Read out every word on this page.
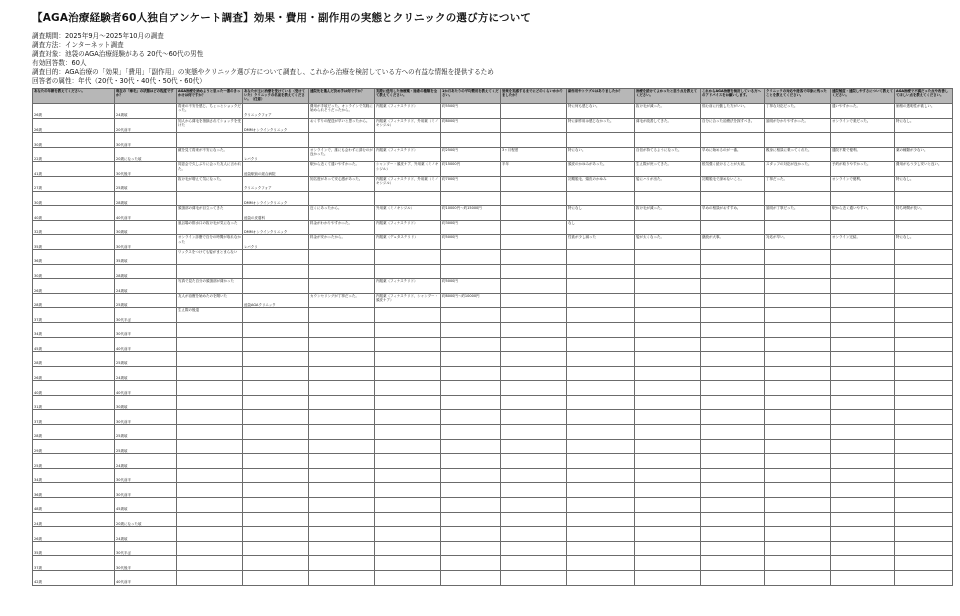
【AGA治療経験者60人独自アンケート調査】効果・費用・副作用の実態とクリニックの選び方について
調査期間：2025年9月～2025年10月の調査
調査方法：インターネット調査
調査対象：池袋のAGA治療経験がある 20代〜60代の男性
有効回答数：60人
調査目的：AGA治療の「効果」「費用」「副作用」の実態やクリニック選び方について調査し、これから治療を検討している方への有益な情報を提供するため
回答者の属性：年代（20代・30代・40代・50代・60代）
あなたの年齢を教えてください。	現在の「薄毛」の状態はどの程度ですか？	AGA治療を始めようと思った一番のきっかけは何ですか？	あなたが主に治療を受けている（受けていた）クリニックの名前を教えてください。（任意）	通院先を選んだ決め手は何ですか？	実際に使用した治療薬・施術の種類を全て教えてください。	1か月あたりの平均費用を教えてください。	効果を実感するまでにどのくらいかかりましたか？	副作用やトラブルはありましたか？	治療を続けてよかったと思う点を教えてください。	これからAGA治療を検討している方へのアドバイスをお願いします。	クリニックの対応や接客で印象に残ったことを教えてください。	通院頻度・通院しやすさについて教えてください。	AGA治療で不満だった点や改善してほしい点を教えてください。
26歳	24歳頃	将来の不安を感じ、ちょっとショックだった。	クリニックフォア	費用が手頃だった。オンラインで気軽に始められそうだったから。	内服薬（フィナステリド）	約5500円		特に何も感じない。	抜け毛が減った。	悩む前に行動した方がいい。	丁寧な対応だった。	通いやすかった。	価格の透明性が欲しい。
26歳	20代前半	知人から薄毛を指摘されてショックを受けた	DMMオンラインクリニック	おくすりの配送が早いと思ったから。	内服薬（フィナステリド、外用薬（ミノキシジル）	約8000円		特に副作用は感じなかった。	薄毛が改善してきた。	自分に合った治療法を探すべき。	説明が分かりやすかった。	オンラインで楽だった。	特になし。
30歳	30代前半												
22歳	20歳になった頃	鏡を見て将来が不安になった。	レバクリ	オンラインで、誰にも会わずに済むのが良かった。	内服薬（フィナステリド）	約2500円	3ヶ月程度	特にない。	自信が持てるようになった。	早めに始めるのが一番。	親身に相談に乗ってくれた。	通院不要で便利。	薬の種類が少ない。
41歳	30代後半	同窓会で久しぶりに会った友人に言われた。	池袋駅前の総合病院	駅から近くて通いやすかった。	シャンプー・頭皮ケア、外用薬（ミノキシジル）	約15000円	半年	頭皮のかゆみがあった。	生え際が戻ってきた。	根気強く続けることが大切。	スタッフの対応が良かった。	予約が取りやすかった。	費用がもう少し安いと良い。
27歳	25歳頃	抜け毛が増えて気になった。	クリニックフォア	知名度があって安心感があった。	内服薬（フィナステリド、外用薬（ミノキシジル）	約7000円		初期脱毛、頭皮のかゆみ	髪にハリが出た。	初期脱毛で諦めないこと。	丁寧だった。	オンラインで便利。	特になし。
30歳	28歳頃		DMMオンラインクリニック										
40歳	40代前半	頭頂部の薄毛が目立ってきた	池袋の皮膚科	近くにあったから。	外用薬（ミノキシジル）	約10000円〜約15000円		特になし	抜け毛が減った。	早めの相談がおすすめ。	説明が丁寧だった。	駅から近く通いやすい。	待ち時間が長い。
32歳	30歳頃	風呂場の排水口の抜け毛が気になった	DMMオンラインクリニック	料金がわかりやすかった。	内服薬（フィナステリド）	約3000円		なし					
35歳	30代前半	オンライン診療で自分の時間が取れなかった	レバクリ	料金が安かったから。	内服薬（デュタステリド）	約5000円		性欲が少し減った	髪が太くなった。	継続が大事。	対応が早い。	オンライン完結。	特になし。
36歳	35歳頃	ワックスをつけても髪がまとまらない											
30歳	28歳頃												
26歳	24歳頃	写真で見た自分の頭頂部が薄かった			内服薬（フィナステリド）	約5000円							
28歳	25歳頃	友人が治療を始めたのを聞いた	池袋AGAクリニック	カウンセリングが丁寧だった。	内服薬（フィナステリド、シャンプー・頭皮ケア）	約8000円〜約10000円							
37歳	30代半ば	生え際の後退											
34歳	30代前半												
45歳	40代前半												
28歳	25歳頃												
26歳	24歳頃												
40歳	40代前半												
31歳	30歳頃												
37歳	30代前半												
28歳	25歳頃												
29歳	25歳頃												
25歳	24歳頃												
34歳	30代前半												
36歳	30代前半												
48歳	45歳頃												
24歳	20歳になった頃												
26歳	24歳頃												
35歳	30代半ば												
37歳	30代後半												
42歳	40代前半												
